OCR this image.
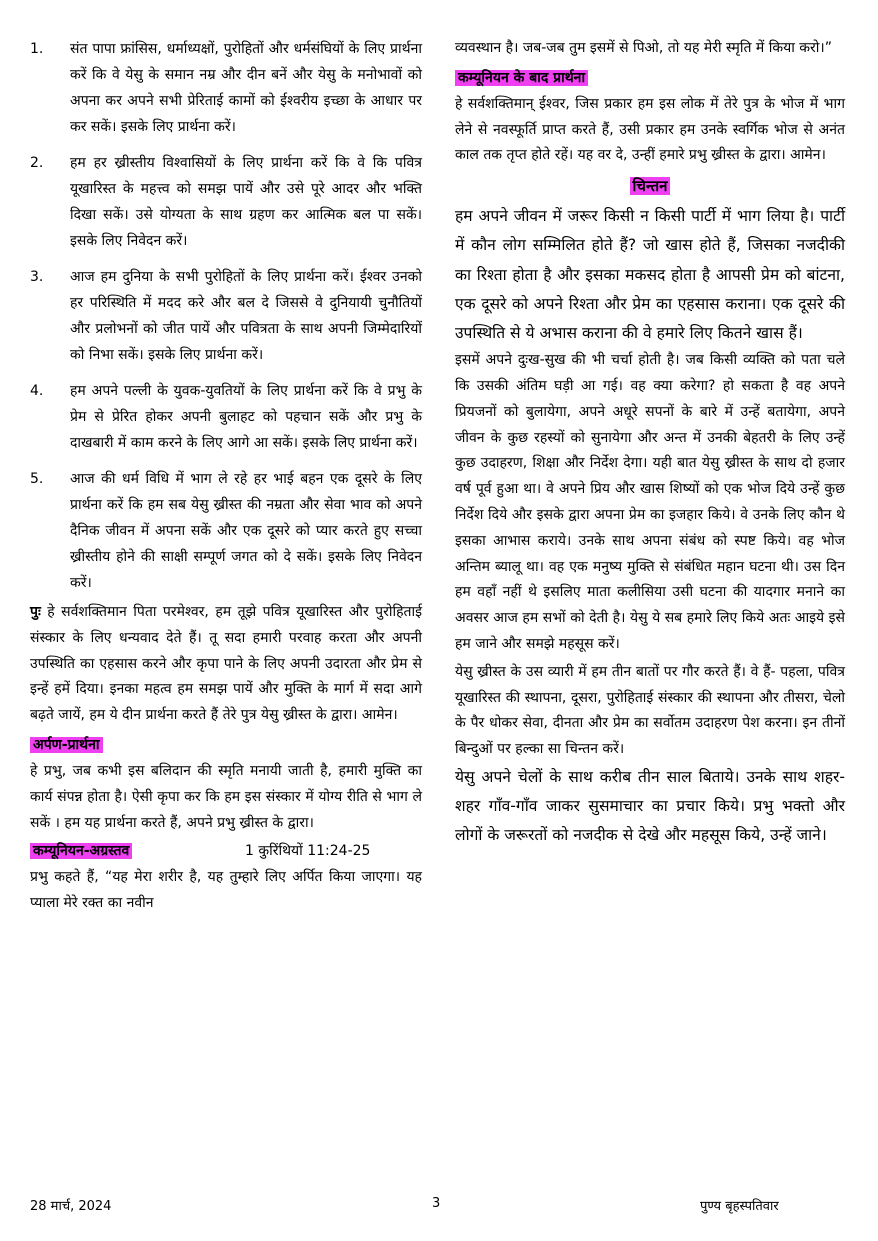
1.	संत पापा फ्रांसिस, धर्माध्यक्षों, पुरोहितों और धर्मसंघियों के लिए प्रार्थना करें कि वे येसु के समान नम्र और दीन बनें और येसु के मनोभावों को अपना कर अपने सभी प्रेरिताई कामों को ईश्वरीय इच्छा के आधार पर कर सकें। इसके लिए प्रार्थना करें।
2.	हम हर ख्रीस्तीय विश्वासियों के लिए प्रार्थना करें कि वे कि पवित्र यूखारिस्त के महत्त्व को समझ पायें और उसे पूरे आदर और भक्ति दिखा सकें। उसे योग्यता के साथ ग्रहण कर आत्मिक बल पा सकें। इसके लिए निवेदन करें।
3.	आज हम दुनिया के सभी पुरोहितों के लिए प्रार्थना करें। ईश्वर उनको हर परिस्थिति में मदद करे और बल दे जिससे वे दुनियायी चुनौतियों और प्रलोभनों को जीत पायें और पवित्रता के साथ अपनी जिम्मेदारियों को निभा सकें। इसके लिए प्रार्थना करें।
4.	हम अपने पल्ली के युवक-युवतियों के लिए प्रार्थना करें कि वे प्रभु के प्रेम से प्रेरित होकर अपनी बुलाहट को पहचान सकें और प्रभु के दाखबारी में काम करने के लिए आगे आ सकें। इसके लिए प्रार्थना करें।
5.	आज की धर्म विधि में भाग ले रहे हर भाई बहन एक दूसरे के लिए प्रार्थना करें कि हम सब येसु ख्रीस्त की नम्रता और सेवा भाव को अपने दैनिक जीवन में अपना सकें और एक दूसरे को प्यार करते हुए सच्चा ख्रीस्तीय होने की साक्षी सम्पूर्ण जगत को दे सकें। इसके लिए निवेदन करें।

पुः हे सर्वशक्तिमान पिता परमेश्वर, हम तूझे पवित्र यूखारिस्त और पुरोहिताई संस्कार के लिए धन्यवाद देते हैं। तू सदा हमारी परवाह करता और अपनी उपस्थिति का एहसास करने और कृपा पाने के लिए अपनी उदारता और प्रेम से इन्हें हमें दिया। इनका महत्व हम समझ पायें और मुक्ति के मार्ग में सदा आगे बढ़ते जायें, हम ये दीन प्रार्थना करते हैं तेरे पुत्र येसु ख्रीस्त के द्वारा। आमेन।

अर्पण-प्रार्थना

हे प्रभु, जब कभी इस बलिदान की स्मृति मनायी जाती है, हमारी मुक्ति का कार्य संपन्न होता है। ऐसी कृपा कर कि हम इस संस्कार में योग्य रीति से भाग ले सकें । हम यह प्रार्थना करते हैं, अपने प्रभु ख्रीस्त के द्वारा।

कम्यूनियन-अग्रस्तव	1 कुरिंथियों 11:24-25

प्रभु कहते हैं, “यह मेरा शरीर है, यह तुम्हारे लिए अर्पित किया जाएगा। यह प्याला मेरे रक्त का नवीन

व्यवस्थान है। जब-जब तुम इसमें से पिओ, तो यह मेरी स्मृति में किया करो।”

कम्यूनियन के बाद प्रार्थना

हे सर्वशक्तिमान् ईश्वर, जिस प्रकार हम इस लोक में तेरे पुत्र के भोज में भाग लेने से नवस्फूर्ति प्राप्त करते हैं, उसी प्रकार हम उनके स्वर्गिक भोज से अनंत काल तक तृप्त होते रहें। यह वर दे, उन्हीं हमारे प्रभु ख्रीस्त के द्वारा। आमेन।

चिन्तन

हम अपने जीवन में जरूर किसी न किसी पार्टी में भाग लिया है। पार्टी में कौन लोग सम्मिलित होते हैं? जो खास होते हैं, जिसका नजदीकी का रिश्ता होता है और इसका मकसद होता है आपसी प्रेम को बांटना, एक दूसरे को अपने रिश्ता और प्रेम का एहसास कराना। एक दूसरे की उपस्थिति से ये अभास कराना की वे हमारे लिए कितने खास हैं।

इसमें अपने दुःख-सुख की भी चर्चा होती है। जब किसी व्यक्ति को पता चले कि उसकी अंतिम घड़ी आ गई। वह क्या करेगा? हो सकता है वह अपने प्रियजनों को बुलायेगा, अपने अधूरे सपनों के बारे में उन्हें बतायेगा, अपने जीवन के कुछ रहस्यों को सुनायेगा और अन्त में उनकी बेहतरी के लिए उन्हें कुछ उदाहरण, शिक्षा और निर्देश देगा। यही बात येसु ख्रीस्त के साथ दो हजार वर्ष पूर्व हुआ था। वे अपने प्रिय और खास शिष्यों को एक भोज दिये उन्हें कुछ निर्देश दिये और इसके द्वारा अपना प्रेम का इजहार किये। वे उनके लिए कौन थे इसका आभास कराये। उनके साथ अपना संबंध को स्पष्ट किये। वह भोज अन्तिम ब्यालू था। वह एक मनुष्य मुक्ति से संबंधित महान घटना थी। उस दिन हम वहाँ नहीं थे इसलिए माता कलीसिया उसी घटना की यादगार मनाने का अवसर आज हम सभों को देती है। येसु ये सब हमारे लिए किये अतः आइये इसे हम जाने और समझे महसूस करें।

येसु ख्रीस्त के उस व्यारी में हम तीन बातों पर गौर करते हैं। वे हैं- पहला, पवित्र यूखारिस्त की स्थापना, दूसरा, पुरोहिताई संस्कार की स्थापना और तीसरा, चेलो के पैर धोकर सेवा, दीनता और प्रेम का सर्वोतम उदाहरण पेश करना। इन तीनों बिन्दुओं पर हल्का सा चिन्तन करें।

येसु अपने चेलों के साथ करीब तीन साल बिताये। उनके साथ शहर-शहर गाँव-गाँव जाकर सुसमाचार का प्रचार किये। प्रभु भक्तो और लोगों के जरूरतों को नजदीक से देखे और महसूस किये, उन्हें जाने।

28 मार्च, 2024	3	पुण्य बृहस्पतिवार
